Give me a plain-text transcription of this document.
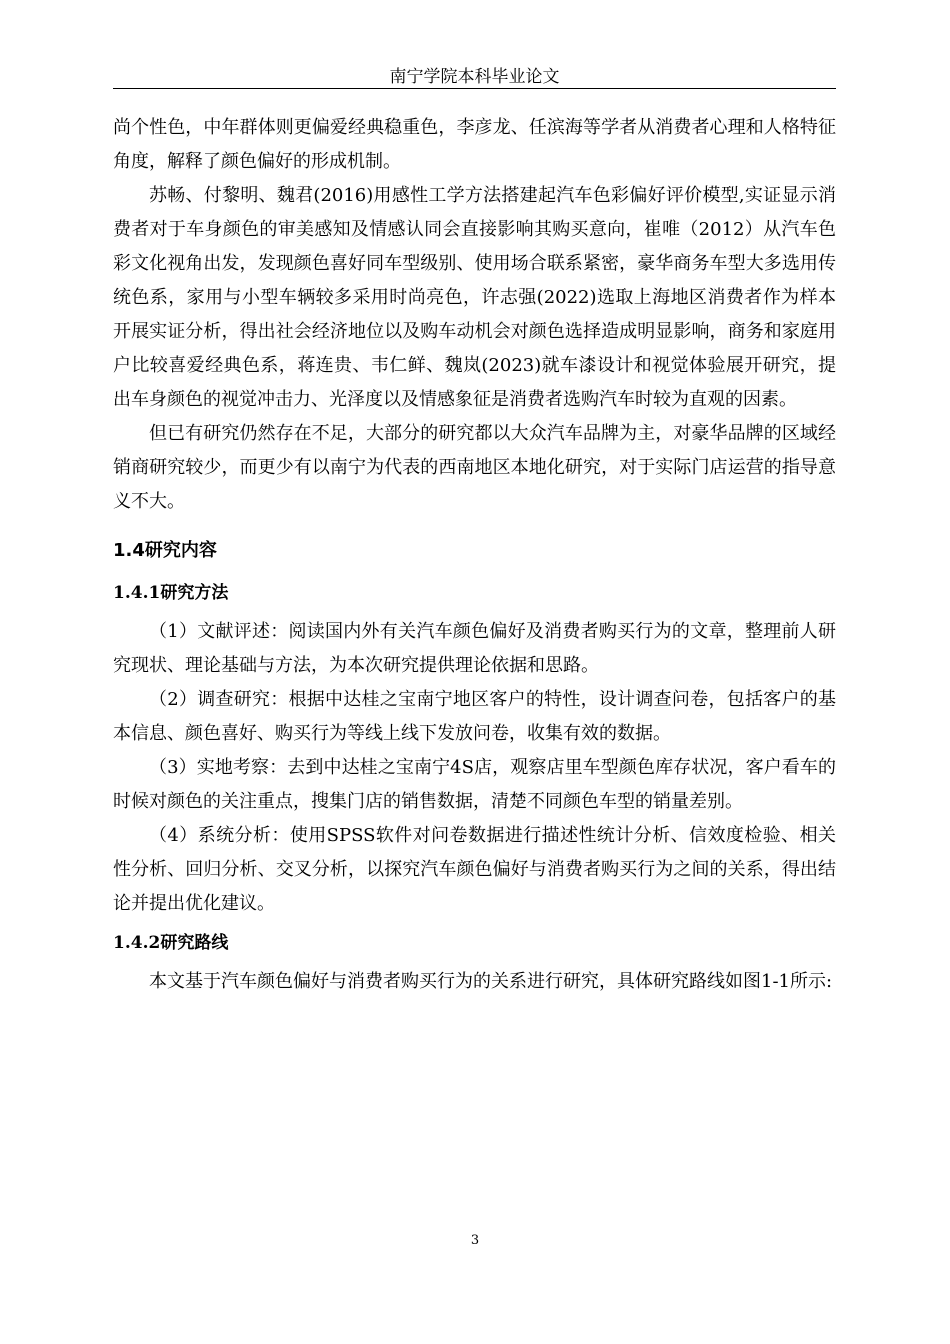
南宁学院本科毕业论文

尚个性色，中年群体则更偏爱经典稳重色，李彦龙、任滨海等学者从消费者心理和人格特征角度，解释了颜色偏好的形成机制。

苏畅、付黎明、魏君(2016)用感性工学方法搭建起汽车色彩偏好评价模型,实证显示消费者对于车身颜色的审美感知及情感认同会直接影响其购买意向，崔唯（2012）从汽车色彩文化视角出发，发现颜色喜好同车型级别、使用场合联系紧密，豪华商务车型大多选用传统色系，家用与小型车辆较多采用时尚亮色，许志强(2022)选取上海地区消费者作为样本开展实证分析，得出社会经济地位以及购车动机会对颜色选择造成明显影响，商务和家庭用户比较喜爱经典色系，蒋连贵、韦仁鲜、魏岚(2023)就车漆设计和视觉体验展开研究，提出车身颜色的视觉冲击力、光泽度以及情感象征是消费者选购汽车时较为直观的因素。

但已有研究仍然存在不足，大部分的研究都以大众汽车品牌为主，对豪华品牌的区域经销商研究较少，而更少有以南宁为代表的西南地区本地化研究，对于实际门店运营的指导意义不大。

1.4研究内容
1.4.1研究方法

（1）文献评述：阅读国内外有关汽车颜色偏好及消费者购买行为的文章，整理前人研究现状、理论基础与方法，为本次研究提供理论依据和思路。

（2）调查研究：根据中达桂之宝南宁地区客户的特性，设计调查问卷，包括客户的基本信息、颜色喜好、购买行为等线上线下发放问卷，收集有效的数据。

（3）实地考察：去到中达桂之宝南宁4S店，观察店里车型颜色库存状况，客户看车的时候对颜色的关注重点，搜集门店的销售数据，清楚不同颜色车型的销量差别。

（4）系统分析：使用SPSS软件对问卷数据进行描述性统计分析、信效度检验、相关性分析、回归分析、交叉分析，以探究汽车颜色偏好与消费者购买行为之间的关系，得出结论并提出优化建议。

1.4.2研究路线

本文基于汽车颜色偏好与消费者购买行为的关系进行研究，具体研究路线如图1-1所示:

3
